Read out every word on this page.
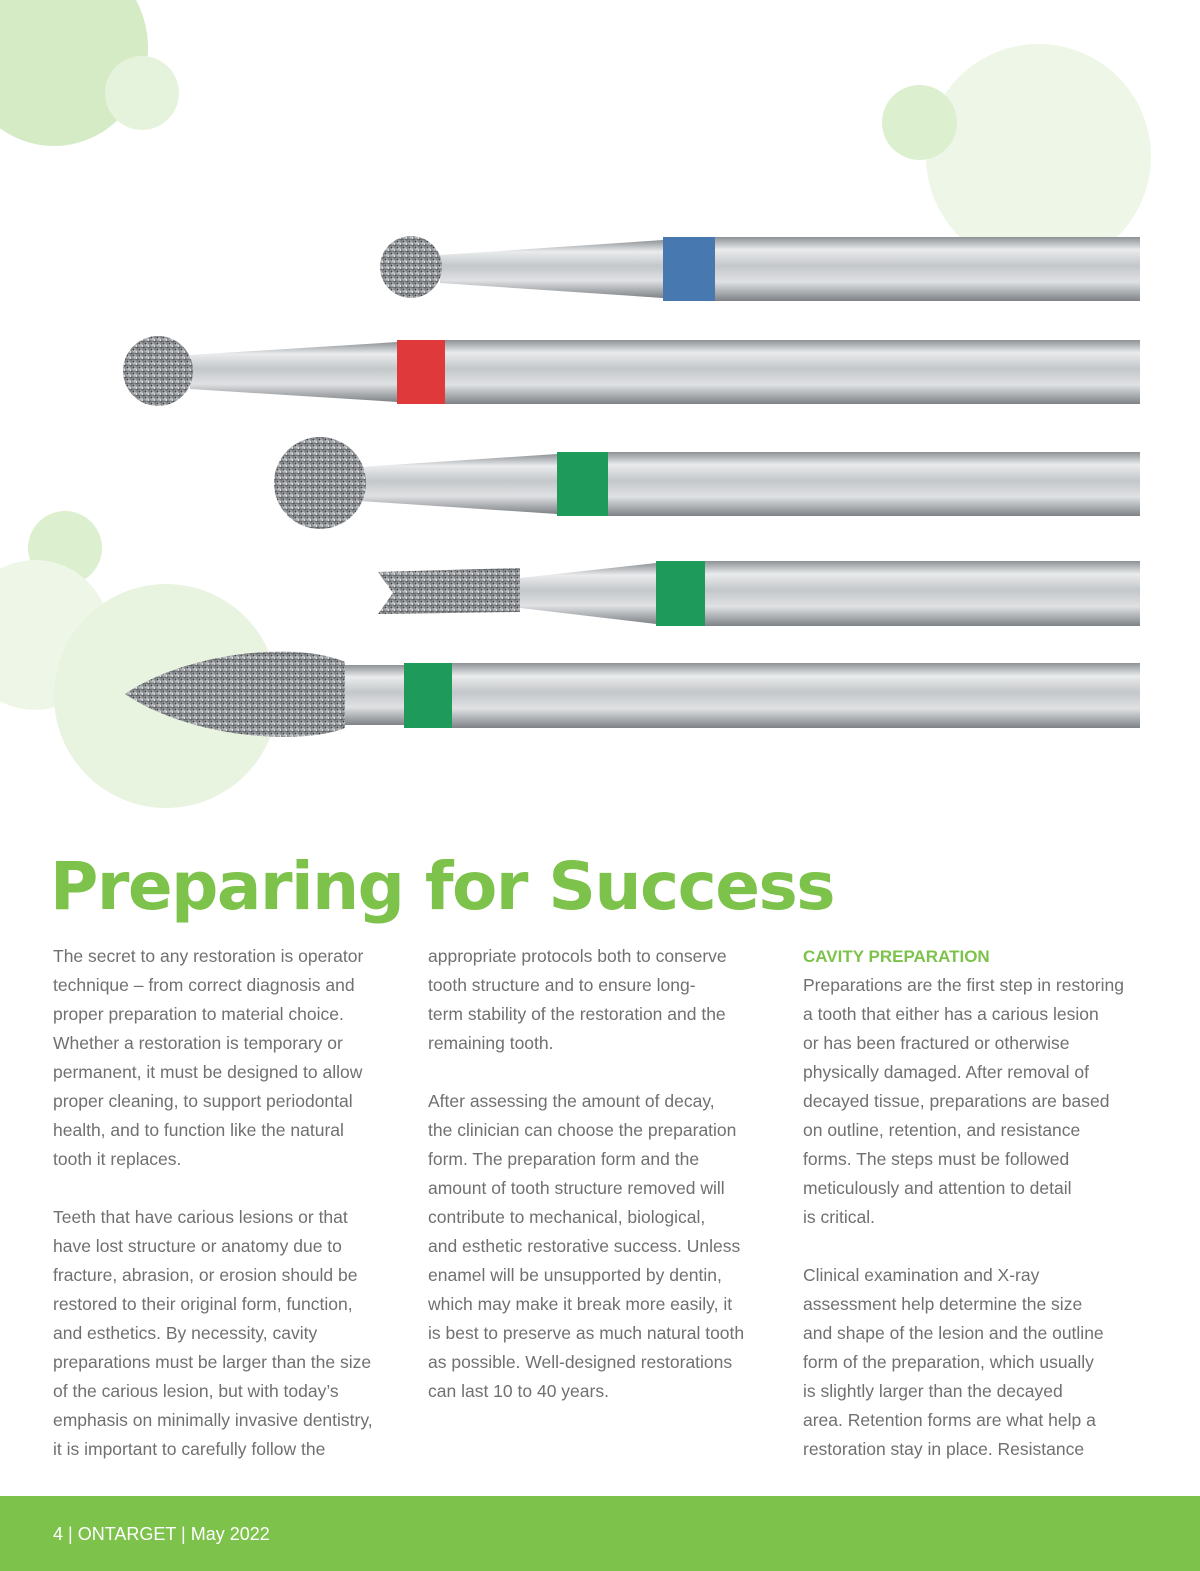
Preparing for Success

The secret to any restoration is operator
technique – from correct diagnosis and
proper preparation to material choice.
Whether a restoration is temporary or
permanent, it must be designed to allow
proper cleaning, to support periodontal
health, and to function like the natural
tooth it replaces.

Teeth that have carious lesions or that
have lost structure or anatomy due to
fracture, abrasion, or erosion should be
restored to their original form, function,
and esthetics. By necessity, cavity
preparations must be larger than the size
of the carious lesion, but with today’s
emphasis on minimally invasive dentistry,
it is important to carefully follow the

appropriate protocols both to conserve
tooth structure and to ensure long-
term stability of the restoration and the
remaining tooth.

After assessing the amount of decay,
the clinician can choose the preparation
form. The preparation form and the
amount of tooth structure removed will
contribute to mechanical, biological,
and esthetic restorative success. Unless
enamel will be unsupported by dentin,
which may make it break more easily, it
is best to preserve as much natural tooth
as possible. Well-designed restorations
can last 10 to 40 years.

CAVITY PREPARATION

Preparations are the first step in restoring
a tooth that either has a carious lesion
or has been fractured or otherwise
physically damaged. After removal of
decayed tissue, preparations are based
on outline, retention, and resistance
forms. The steps must be followed
meticulously and attention to detail
is critical.

Clinical examination and X-ray
assessment help determine the size
and shape of the lesion and the outline
form of the preparation, which usually
is slightly larger than the decayed
area. Retention forms are what help a
restoration stay in place. Resistance

4 | ONTARGET | May 2022
